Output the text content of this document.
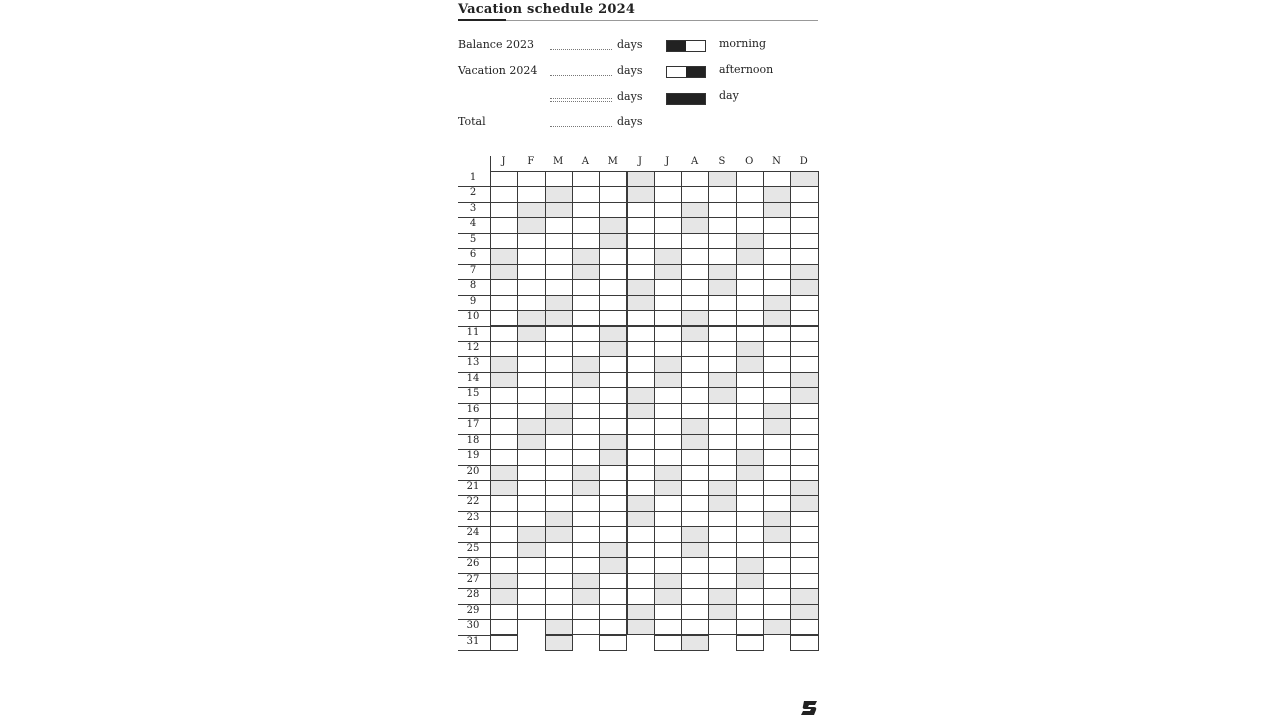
Vacation schedule 2024
Balance 2023	days
Vacation 2024	days
days
Total	days
morning
afternoon
day
J	F	M	A	M	J	J	A	S	O	N	D
1
2
3
4
5
6
7
8
9
10
11
12
13
14
15
16
17
18
19
20
21
22
23
24
25
26
27
28
29
30
31
